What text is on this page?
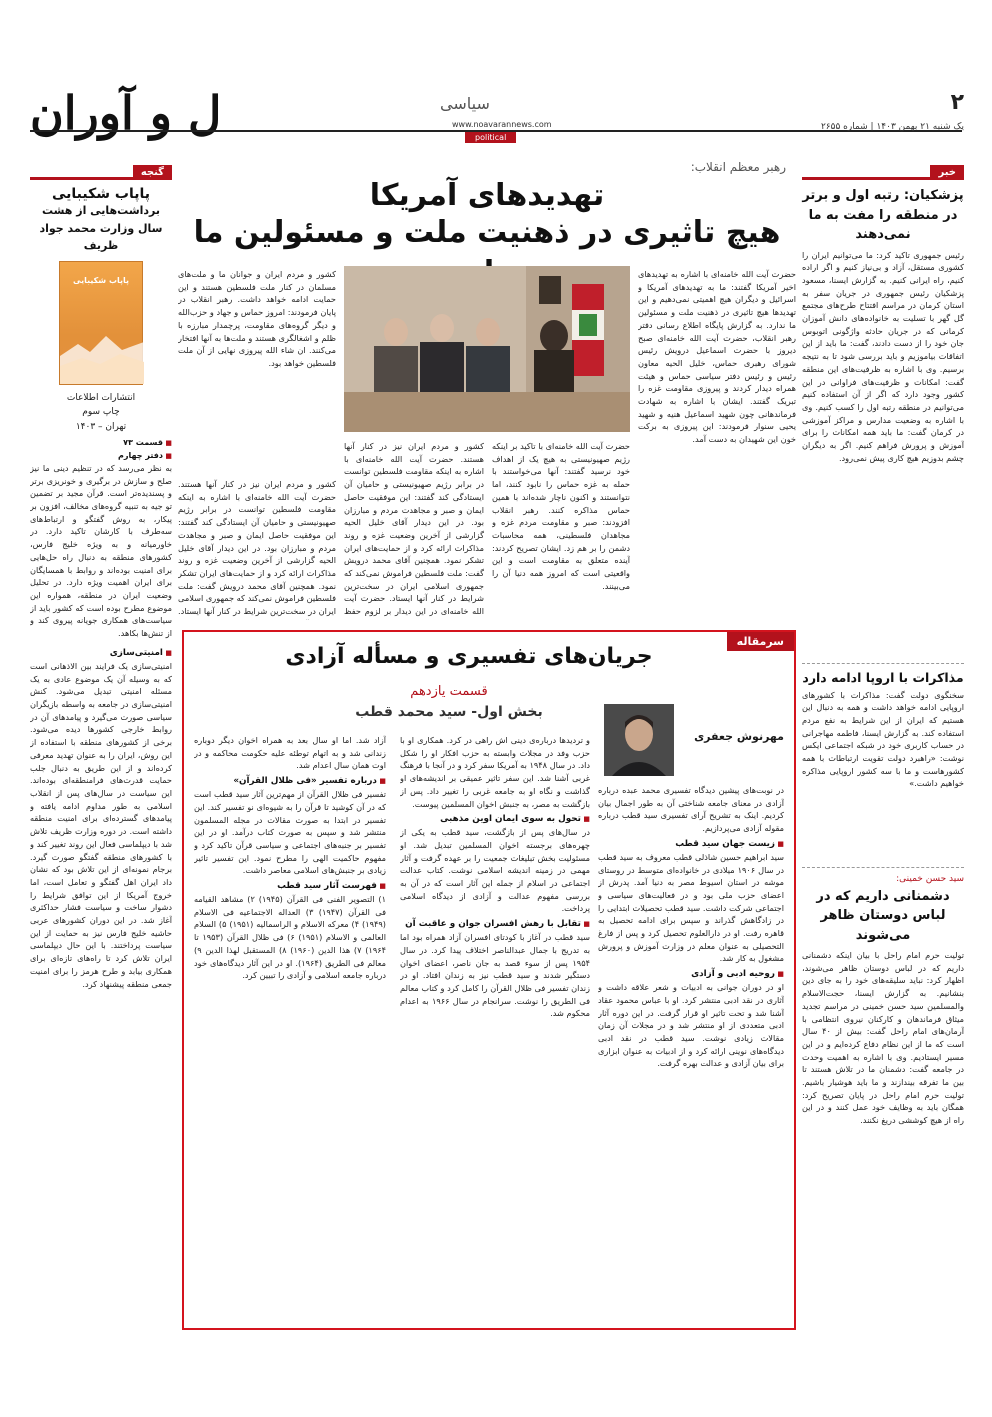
ل و آوران	۲
سیاسی
یک شنبه ۲۱ بهمن ۱۴۰۳ | شماره ۲۶۵۵
www.noavarannews.com
political
خبر
پزشکیان: رتبه اول و برتر در منطقه را مفت به ما نمی‌دهند
رئیس جمهوری تاکید کرد: ما می‌توانیم ایران را کشوری مستقل، آزاد و بی‌نیاز کنیم و اگر اراده کنیم، راه ایرانی کنیم. به گزارش ایسنا، مسعود پزشکیان رئیس جمهوری در جریان سفر به استان کرمان در مراسم افتتاح طرح‌های مجتمع گل گهر با تسلیت به خانواده‌های دانش آموزان کرمانی که در جریان حادثه واژگونی اتوبوس جان خود را از دست دادند، گفت: ما باید از این اتفاقات بیاموزیم و باید بررسی شود تا به نتیجه برسیم. وی با اشاره به ظرفیت‌های این منطقه گفت: امکانات و ظرفیت‌های فراوانی در این کشور وجود دارد که اگر از آن استفاده کنیم می‌توانیم در منطقه رتبه اول را کسب کنیم. وی با اشاره به وضعیت مدارس و مراکز آموزشی در کرمان گفت: ما باید همه امکانات را برای آموزش و پرورش فراهم کنیم. اگر به دیگران چشم بدوزیم هیچ کاری پیش نمی‌رود.
مذاکرات با اروپا ادامه دارد
سخنگوی دولت گفت: مذاکرات با کشورهای اروپایی ادامه خواهد داشت و همه به دنبال این هستیم که ایران از این شرایط به نفع مردم استفاده کند. به گزارش ایسنا، فاطمه مهاجرانی در حساب کاربری خود در شبکه اجتماعی ایکس نوشت: «راهبرد دولت تقویت ارتباطات با همه کشورهاست و ما با سه کشور اروپایی مذاکره خواهیم داشت.»
سید حسن خمینی:
دشمنانی داریم که در لباس دوستان ظاهر می‌شوند
تولیت حرم امام راحل با بیان اینکه دشمنانی داریم که در لباس دوستان ظاهر می‌شوند، اظهار کرد: نباید سلیقه‌های خود را به جای دین بنشانیم. به گزارش ایسنا، حجت‌الاسلام والمسلمین سید حسن خمینی در مراسم تجدید میثاق فرماندهان و کارکنان نیروی انتظامی با آرمان‌های امام راحل گفت: بیش از ۴۰ سال است که ما از این نظام دفاع کرده‌ایم و در این مسیر ایستادیم. وی با اشاره به اهمیت وحدت در جامعه گفت: دشمنان ما در تلاش هستند تا بین ما تفرقه بیندازند و ما باید هوشیار باشیم. تولیت حرم امام راحل در پایان تصریح کرد: همگان باید به وظایف خود عمل کنند و در این راه از هیچ کوششی دریغ نکنند.
رهبر معظم انقلاب:
تهدیدهای آمریکا
هیچ تاثیری در ذهنیت ملت و مسئولین ما
حضرت آیت الله خامنه‌ای با اشاره به تهدیدهای اخیر آمریکا گفتند: ما به تهدیدهای آمریکا و اسرائیل و دیگران هیچ اهمیتی نمی‌دهیم و این تهدیدها هیچ تاثیری در ذهنیت ملت و مسئولین ما ندارد. به گزارش پایگاه اطلاع رسانی دفتر رهبر انقلاب، حضرت آیت الله خامنه‌ای صبح دیروز با حضرت اسماعیل درویش رئیس شورای رهبری حماس، خلیل الحیه معاون رئیس و رئیس دفتر سیاسی حماس و هیئت همراه دیدار کردند و پیروزی مقاومت غزه را تبریک گفتند. ایشان با اشاره به شهادت فرماندهانی چون شهید اسماعیل هنیه و شهید یحیی سنوار فرمودند: این پیروزی به برکت خون این شهیدان به دست آمد.
کشور و مردم ایران و جوانان ما و ملت‌های مسلمان در کنار ملت فلسطین هستند و این حمایت ادامه خواهد داشت. رهبر انقلاب در پایان فرمودند: امروز حماس و جهاد و حزب‌الله و دیگر گروه‌های مقاومت، پرچمدار مبارزه با ظلم و اشغالگری هستند و ملت‌ها به آنها افتخار می‌کنند. ان شاء الله پیروزی نهایی از آن ملت فلسطین خواهد بود.
کشور و مردم ایران نیز در کنار آنها هستند. حضرت آیت الله خامنه‌ای با اشاره به اینکه مقاومت فلسطین توانست در برابر رژیم صهیونیستی و حامیان آن ایستادگی کند گفتند: این موفقیت حاصل ایمان و صبر و مجاهدت مردم و مبارزان بود. در این دیدار آقای خلیل الحیه گزارشی از آخرین وضعیت غزه و روند مذاکرات ارائه کرد و از حمایت‌های ایران تشکر نمود. همچنین آقای محمد درویش گفت: ملت فلسطین فراموش نمی‌کند که جمهوری اسلامی ایران در سخت‌ترین شرایط در کنار آنها ایستاد.
حضرت آیت الله خامنه‌ای با تاکید بر اینکه رژیم صهیونیستی به هیچ یک از اهداف خود نرسید گفتند: آنها می‌خواستند با حمله به غزه حماس را نابود کنند، اما نتوانستند و اکنون ناچار شده‌اند با همین حماس مذاکره کنند. رهبر انقلاب افزودند: صبر و مقاومت مردم غزه و مجاهدان فلسطینی، همه محاسبات دشمن را بر هم زد. ایشان تصریح کردند: آینده متعلق به مقاومت است و این واقعیتی است که امروز همه دنیا آن را می‌بینند.
کشور و مردم ایران نیز در کنار آنها هستند. حضرت آیت الله خامنه‌ای با اشاره به اینکه مقاومت فلسطین توانست در برابر رژیم صهیونیستی و حامیان آن ایستادگی کند گفتند: این موفقیت حاصل ایمان و صبر و مجاهدت مردم و مبارزان بود. در این دیدار آقای خلیل الحیه گزارشی از آخرین وضعیت غزه و روند مذاکرات ارائه کرد و از حمایت‌های ایران تشکر نمود. همچنین آقای محمد درویش گفت: ملت فلسطین فراموش نمی‌کند که جمهوری اسلامی ایران در سخت‌ترین شرایط در کنار آنها ایستاد. حضرت آیت الله خامنه‌ای در این دیدار بر لزوم حفظ
سرمقاله
جریان‌های تفسیری و مسأله آزادی
قسمت یازدهم
بخش اول- سید محمد قطب
مهرنوش جعفری
در نوبت‌های پیشین دیدگاه تفسیری محمد عبده درباره آزادی در معنای جامعه شناختی آن به طور اجمال بیان کردیم. اینک به تشریح آرای تفسیری سید قطب درباره مقوله آزادی می‌پردازیم.
■ زیست جهان سید قطب
سید ابراهیم حسین شاذلی قطب معروف به سید قطب در سال ۱۹۰۶ میلادی در خانواده‌ای متوسط در روستای موشه در استان اسیوط مصر به دنیا آمد. پدرش از اعضای حزب ملی بود و در فعالیت‌های سیاسی و اجتماعی شرکت داشت. سید قطب تحصیلات ابتدایی را در زادگاهش گذراند و سپس برای ادامه تحصیل به قاهره رفت. او در دارالعلوم تحصیل کرد و پس از فارغ التحصیلی به عنوان معلم در وزارت آموزش و پرورش مشغول به کار شد.
■ روحیه ادبی و آزادی
او در دوران جوانی به ادبیات و شعر علاقه داشت و آثاری در نقد ادبی منتشر کرد. او با عباس محمود عقاد آشنا شد و تحت تاثیر او قرار گرفت. در این دوره آثار ادبی متعددی از او منتشر شد و در مجلات آن زمان مقالات زیادی نوشت. سید قطب در نقد ادبی دیدگاه‌های نوینی ارائه کرد و از ادبیات به عنوان ابزاری برای بیان آزادی و عدالت بهره گرفت.
و تردیدها درباره‌ی دینی اش راهی در کرد. همکاری او با حزب وفد در مجلات وابسته به حزب افکار او را شکل داد. در سال ۱۹۴۸ به آمریکا سفر کرد و در آنجا با فرهنگ غربی آشنا شد. این سفر تاثیر عمیقی بر اندیشه‌های او گذاشت و نگاه او به جامعه غربی را تغییر داد. پس از بازگشت به مصر، به جنبش اخوان المسلمین پیوست.
■ تحول به سوی ایمان اوین مذهبی
در سال‌های پس از بازگشت، سید قطب به یکی از چهره‌های برجسته اخوان المسلمین تبدیل شد. او مسئولیت بخش تبلیغات جمعیت را بر عهده گرفت و آثار مهمی در زمینه اندیشه اسلامی نوشت. کتاب عدالت اجتماعی در اسلام از جمله این آثار است که در آن به بررسی مفهوم عدالت و آزادی از دیدگاه اسلامی پرداخت.
■ تقابل با رهش افسران جوان و عاقبت آن
سید قطب در آغاز با کودتای افسران آزاد همراه بود اما به تدریج با جمال عبدالناصر اختلاف پیدا کرد. در سال ۱۹۵۴ پس از سوء قصد به جان ناصر، اعضای اخوان دستگیر شدند و سید قطب نیز به زندان افتاد. او در زندان تفسیر فی ظلال القرآن را کامل کرد و کتاب معالم فی الطریق را نوشت. سرانجام در سال ۱۹۶۶ به اعدام محکوم شد.
آزاد شد. اما او سال بعد به همراه اخوان دیگر دوباره زندانی شد و به اتهام توطئه علیه حکومت محاکمه و در اوت همان سال اعدام شد.
■ درباره تفسیر «فی ظلال القرآن»
تفسیر فی ظلال القرآن از مهم‌ترین آثار سید قطب است که در آن کوشید تا قرآن را به شیوه‌ای نو تفسیر کند. این تفسیر در ابتدا به صورت مقالات در مجله المسلمون منتشر شد و سپس به صورت کتاب درآمد. او در این تفسیر بر جنبه‌های اجتماعی و سیاسی قرآن تاکید کرد و مفهوم حاکمیت الهی را مطرح نمود. این تفسیر تاثیر زیادی بر جنبش‌های اسلامی معاصر داشت.
■ فهرست آثار سید قطب
۱) التصویر الفنی فی القرآن (۱۹۴۵) ۲) مشاهد القیامه فی القرآن (۱۹۴۷) ۳) العداله الاجتماعیه فی الاسلام (۱۹۴۹) ۴) معرکه الاسلام و الراسمالیه (۱۹۵۱) ۵) السلام العالمی و الاسلام (۱۹۵۱) ۶) فی ظلال القرآن (۱۹۵۳ تا ۱۹۶۴) ۷) هذا الدین (۱۹۶۰) ۸) المستقبل لهذا الدین ۹) معالم فی الطریق (۱۹۶۴). او در این آثار دیدگاه‌های خود درباره جامعه اسلامی و آزادی را تبیین کرد.
گنجه
پاپاب شکیبایی
برداشت‌هایی از هشت سال وزارت محمد جواد ظریف
پاپاب شکیبایی
انتشارات اطلاعات
چاپ سوم
تهران – ۱۴۰۳
■ قسمت ۷۳
■ دفتر چهارم
به نظر می‌رسد که در تنظیم دینی ما نیز صلح و سازش در برگیری و خونریزی برتر و پسندیده‌تر است. قرآن مجید بر تضمین تو جیه به تنبیه گروه‌های مخالف، افزون بر پیکار، به روش گفتگو و ارتباط‌های سه‌طرف با کارشان تاکید دارد. در خاورمیانه و به ویژه خلیج فارس، کشورهای منطقه به دنبال راه حل‌هایی برای امنیت بوده‌اند و روابط با همسایگان برای ایران اهمیت ویژه دارد. در تحلیل وضعیت ایران در منطقه، همواره این موضوع مطرح بوده است که کشور باید از سیاست‌های همکاری جویانه پیروی کند و از تنش‌ها بکاهد.
■ امنیتی‌سازی
امنیتی‌سازی یک فرایند بین الاذهانی است که به وسیله آن یک موضوع عادی به یک مسئله امنیتی تبدیل می‌شود. کنش امنیتی‌سازی در جامعه به واسطه بازیگران سیاسی صورت می‌گیرد و پیامدهای آن در روابط خارجی کشورها دیده می‌شود. برخی از کشورهای منطقه با استفاده از این روش، ایران را به عنوان تهدید معرفی کرده‌اند و از این طریق به دنبال جلب حمایت قدرت‌های فرامنطقه‌ای بوده‌اند. این سیاست در سال‌های پس از انقلاب اسلامی به طور مداوم ادامه یافته و پیامدهای گسترده‌ای برای امنیت منطقه داشته است. در دوره وزارت ظریف تلاش شد با دیپلماسی فعال این روند تغییر کند و با کشورهای منطقه گفتگو صورت گیرد. برجام نمونه‌ای از این تلاش بود که نشان داد ایران اهل گفتگو و تعامل است، اما خروج آمریکا از این توافق شرایط را دشوار ساخت و سیاست فشار حداکثری آغاز شد. در این دوران کشورهای عربی حاشیه خلیج فارس نیز به حمایت از این سیاست پرداختند. با این حال دیپلماسی ایران تلاش کرد تا راه‌های تازه‌ای برای همکاری بیابد و طرح هرمز را برای امنیت جمعی منطقه پیشنهاد کرد.
